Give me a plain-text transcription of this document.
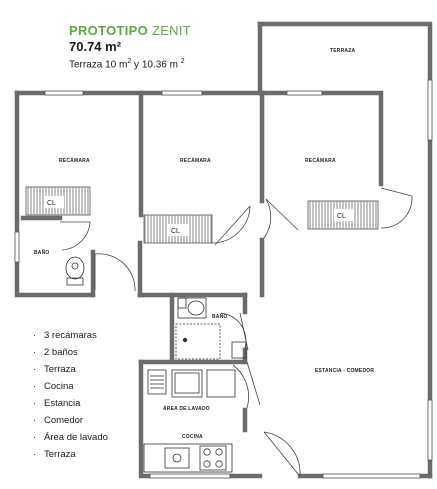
PROTOTIPO ZENIT
70.74 m²
Terraza 10 $m^2$ y 10.36 m $^2$
CL
CL
CL
TERRAZA
RECÁMARA	RECÁMARA	RECÁMARA
BAÑO
BAÑO
ESTANCIA - COMEDOR
ÁREA DE LAVADO
COCINA
· 3 recámaras
· 2 baños
· Terraza
· Cocina
· Estancia
· Comedor
· Área de lavado
· Terraza
